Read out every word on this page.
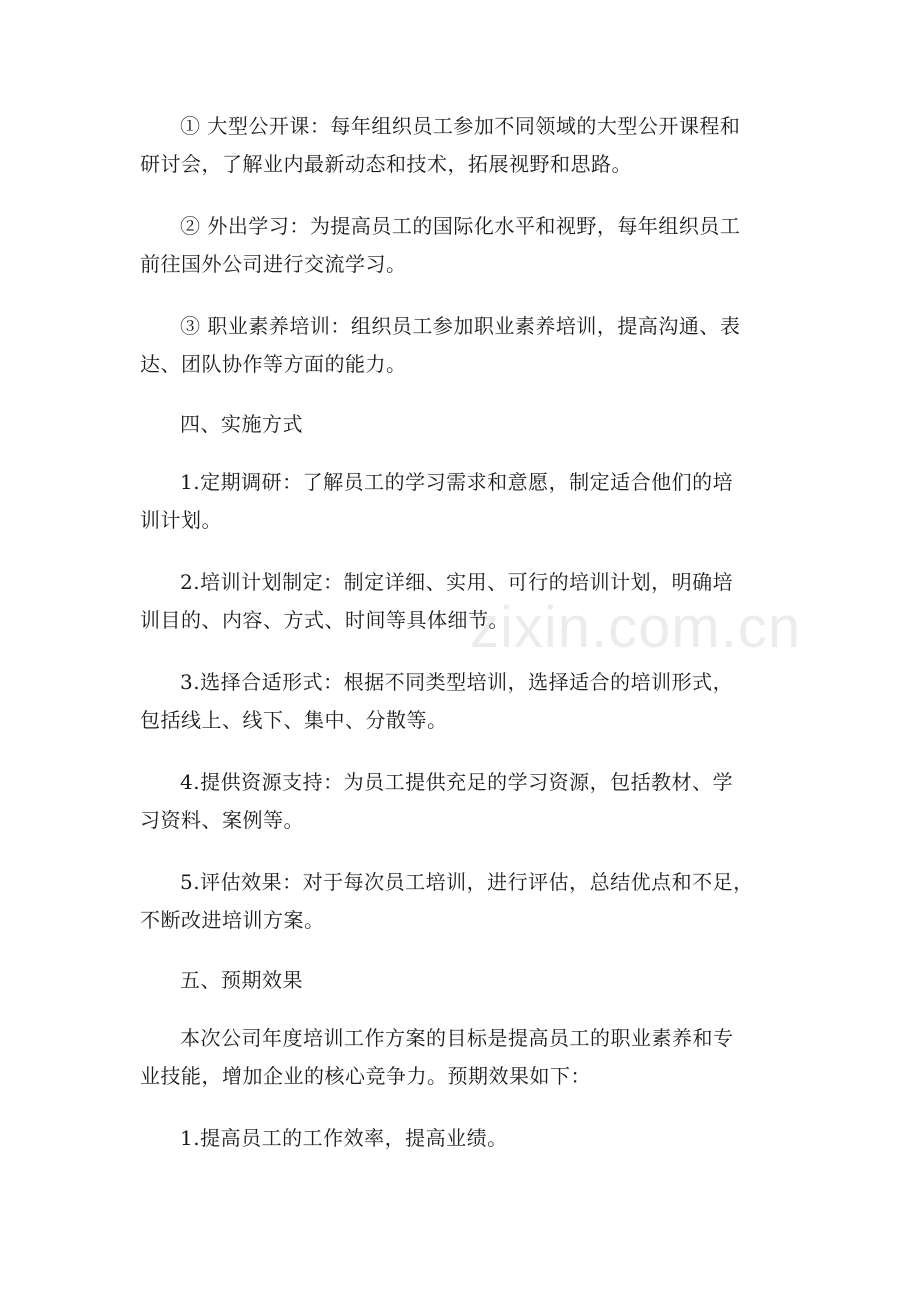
① 大型公开课：每年组织员工参加不同领域的大型公开课程和
研讨会，了解业内最新动态和技术，拓展视野和思路。
② 外出学习：为提高员工的国际化水平和视野，每年组织员工
前往国外公司进行交流学习。
③ 职业素养培训：组织员工参加职业素养培训，提高沟通、表
达、团队协作等方面的能力。
四、实施方式
1.定期调研：了解员工的学习需求和意愿，制定适合他们的培
训计划。
2.培训计划制定：制定详细、实用、可行的培训计划，明确培
训目的、内容、方式、时间等具体细节。
3.选择合适形式：根据不同类型培训，选择适合的培训形式，
包括线上、线下、集中、分散等。
4.提供资源支持：为员工提供充足的学习资源，包括教材、学
习资料、案例等。
5.评估效果：对于每次员工培训，进行评估，总结优点和不足，
不断改进培训方案。
五、预期效果
本次公司年度培训工作方案的目标是提高员工的职业素养和专
业技能，增加企业的核心竞争力。预期效果如下：
1.提高员工的工作效率，提高业绩。
zixin.com.cn
